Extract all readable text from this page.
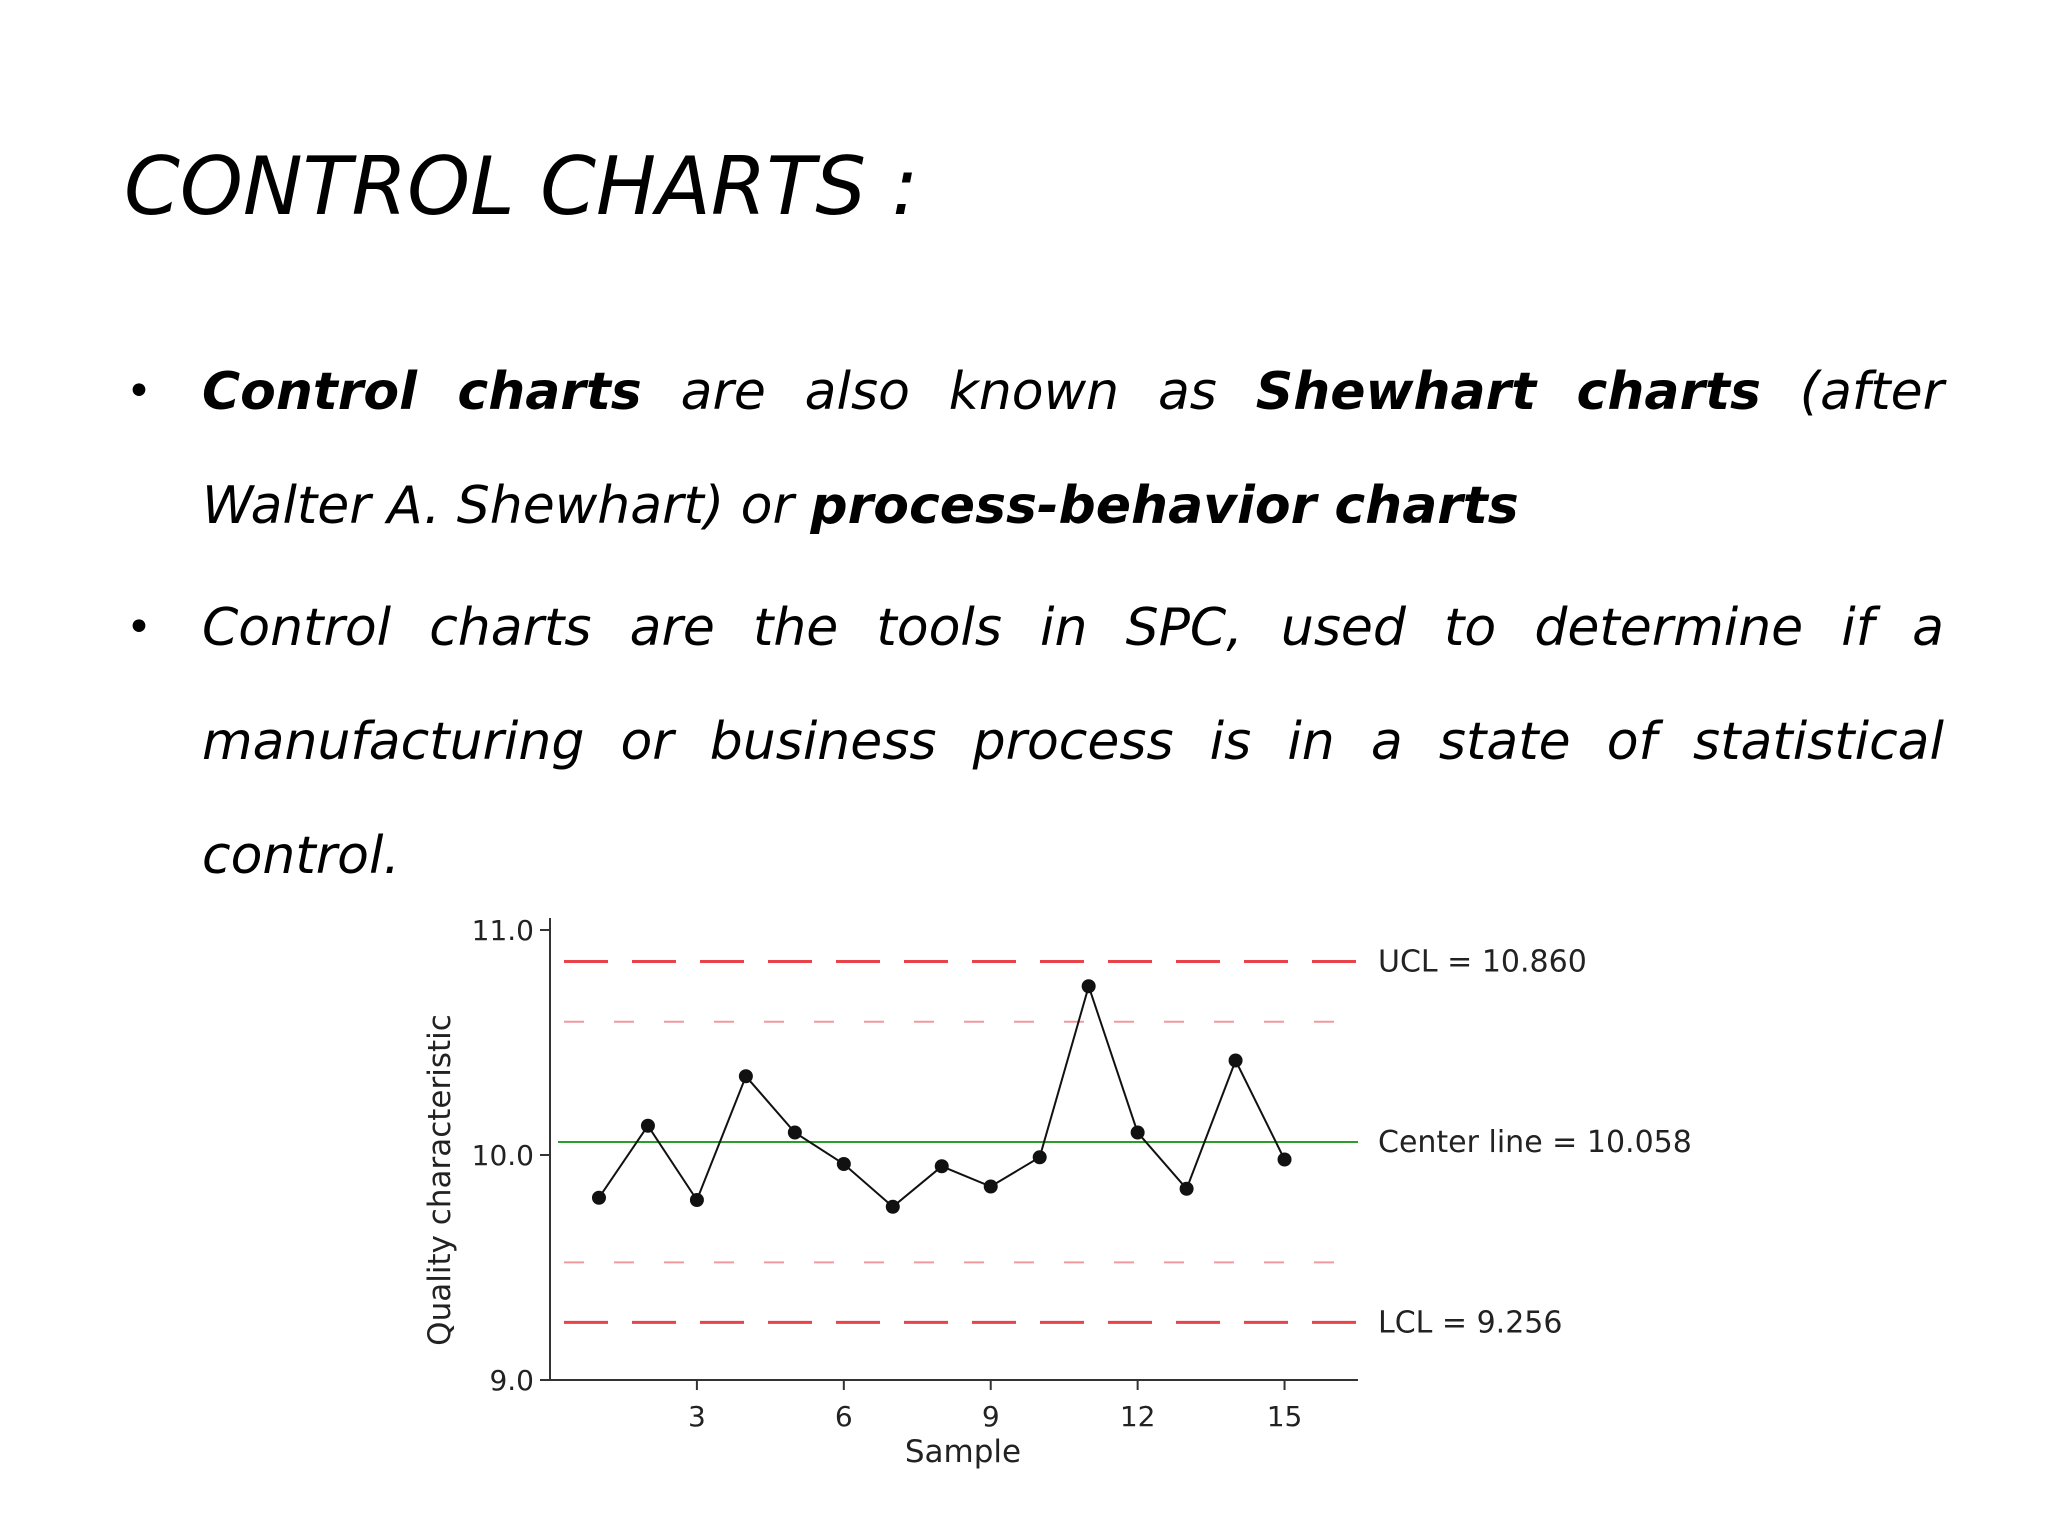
CONTROL CHARTS :
• Control charts are also known as Shewhart charts (after Walter A. Shewhart) or process-behavior charts
• Control charts are the tools in SPC, used to determine if a manufacturing or business process is in a state of statistical control.
3	6	9	12	15
9.0
10.0
11.0
Sample
Quality characteristic
UCL = 10.860
Center line = 10.058
LCL = 9.256
